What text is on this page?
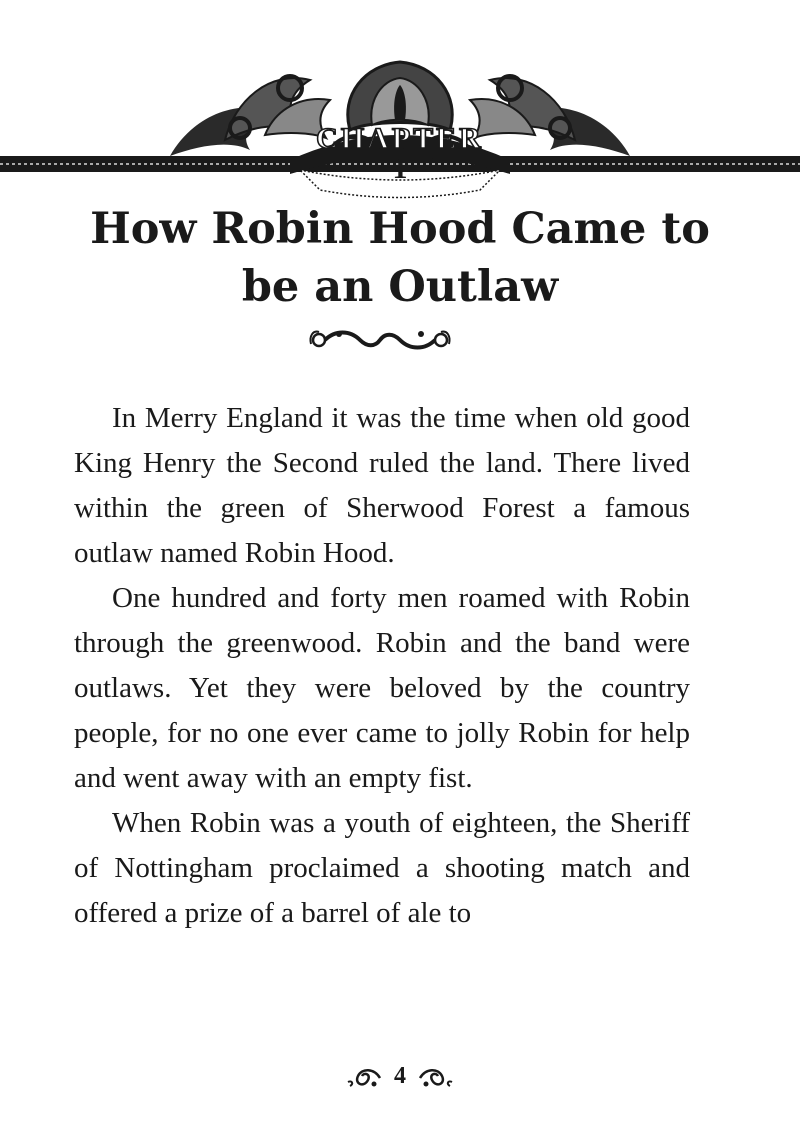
CHAPTER
1
How Robin Hood Came to
be an Outlaw

In Merry England it was the time when old good King Henry the Second ruled the land. There lived within the green of Sherwood Forest a famous outlaw named Robin Hood.

One hundred and forty men roamed with Robin through the greenwood. Robin and the band were outlaws. Yet they were beloved by the country people, for no one ever came to jolly Robin for help and went away with an empty fist.

When Robin was a youth of eighteen, the Sheriff of Nottingham proclaimed a shooting match and offered a prize of a barrel of ale to

4
